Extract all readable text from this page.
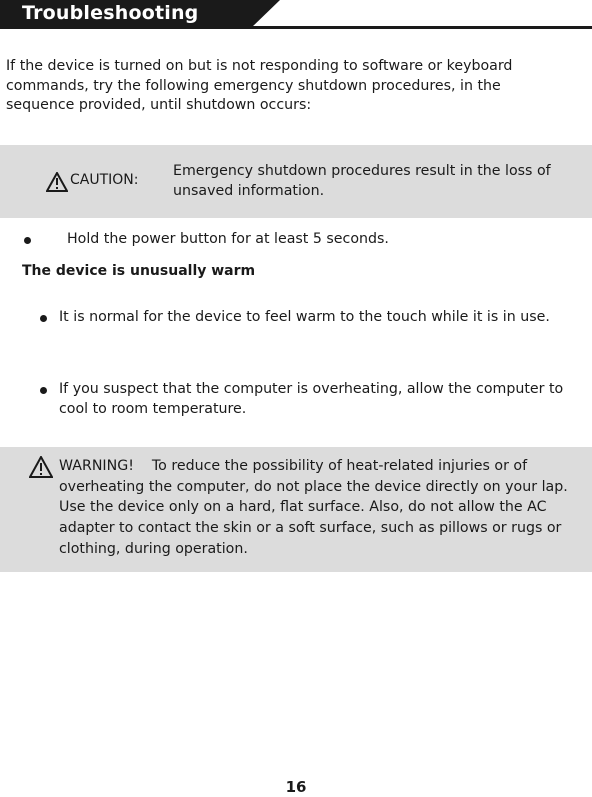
Troubleshooting
If the device is turned on but is not responding to software or keyboard commands, try the following emergency shutdown procedures, in the sequence provided, until shutdown occurs:
CAUTION:
Emergency shutdown procedures result in the loss of unsaved information.
Hold the power button for at least 5 seconds.
The device is unusually warm
It is normal for the device to feel warm to the touch while it is in use.
If you suspect that the computer is overheating, allow the computer to cool to room temperature.
WARNING! To reduce the possibility of heat-related injuries or of overheating the computer, do not place the device directly on your lap. Use the device only on a hard, flat surface. Also, do not allow the AC adapter to contact the skin or a soft surface, such as pillows or rugs or clothing, during operation.
16
